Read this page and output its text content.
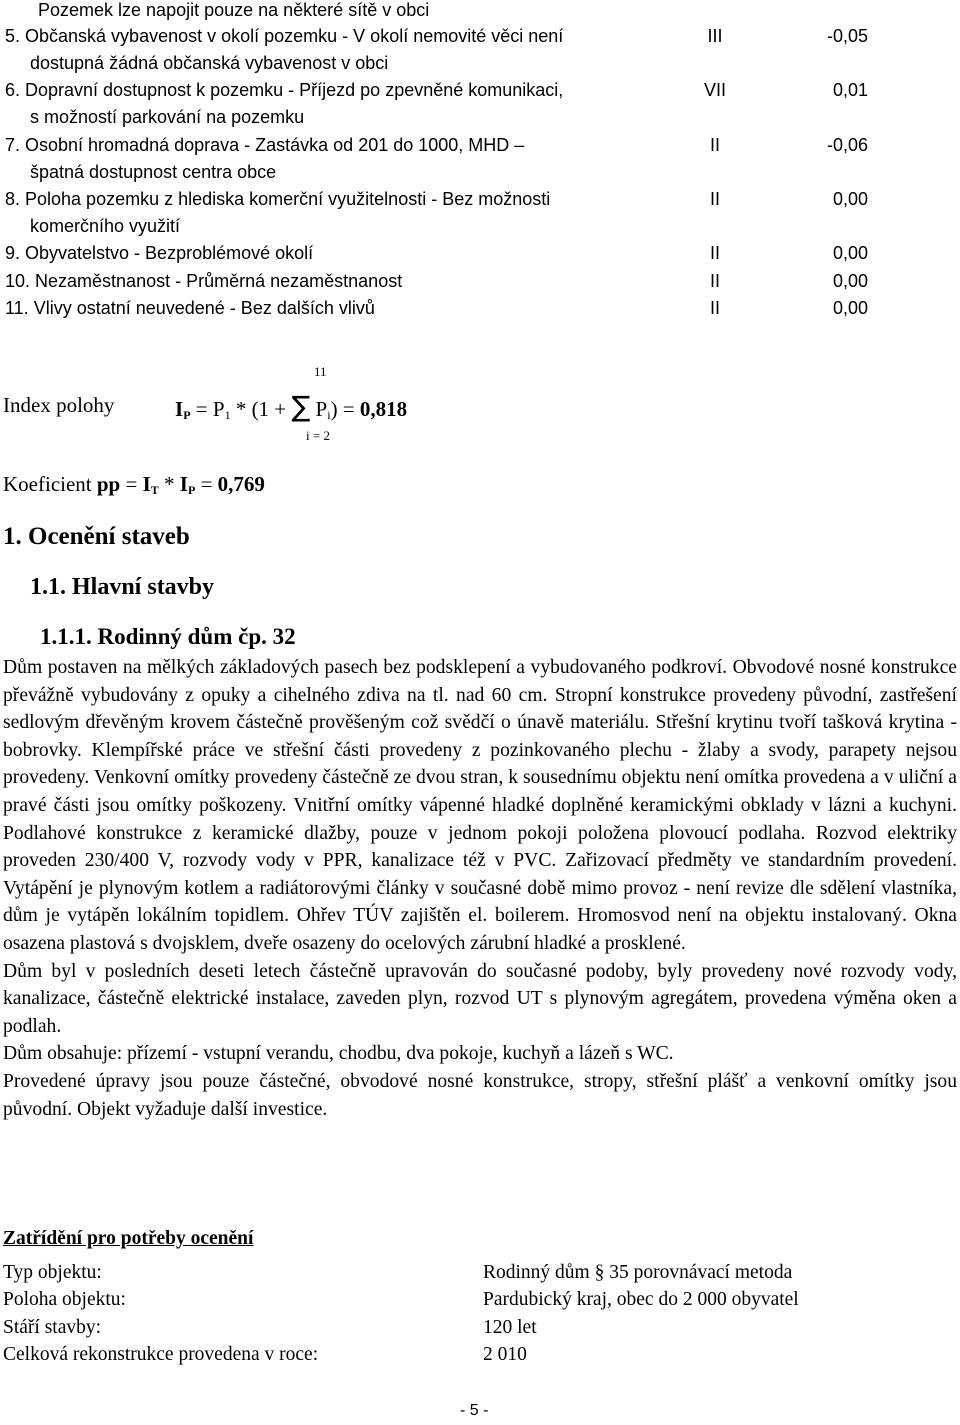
Pozemek lze napojit pouze na některé sítě v obci
5. Občanská vybavenost v okolí pozemku - V okolí nemovité věci není	III	-0,05
dostupná žádná občanská vybavenost v obci
6. Dopravní dostupnost k pozemku - Příjezd po zpevněné komunikaci,	VII	0,01
s možností parkování na pozemku
7. Osobní hromadná doprava - Zastávka od 201 do 1000, MHD –	II	-0,06
špatná dostupnost centra obce
8. Poloha pozemku z hlediska komerční využitelnosti - Bez možnosti	II	0,00
komerčního využití
9. Obyvatelstvo - Bezproblémové okolí	II	0,00
10. Nezaměstnanost - Průměrná nezaměstnanost	II	0,00
11. Vlivy ostatní neuvedené - Bez dalších vlivů	II	0,00
Index polohy	$I_P = P_1 * (1$ + ∑ $P_i) = 0,818$
11
i = 2
Koeficient pp = $I_T * I_P = 0,769$
1. Ocenění staveb
1.1. Hlavní stavby
1.1.1. Rodinný dům čp. 32

Dům postaven na mělkých základových pasech bez podsklepení a vybudovaného podkroví. Obvodové nosné konstrukce převážně vybudovány z opuky a cihelného zdiva na tl. nad 60 cm. Stropní konstrukce provedeny původní, zastřešení sedlovým dřevěným krovem částečně prověšeným což svědčí o únavě materiálu. Střešní krytinu tvoří tašková krytina - bobrovky. Klempířské práce ve střešní části provedeny z pozinkovaného plechu - žlaby a svody, parapety nejsou provedeny. Venkovní omítky provedeny částečně ze dvou stran, k sousednímu objektu není omítka provedena a v uliční a pravé části jsou omítky poškozeny. Vnitřní omítky vápenné hladké doplněné keramickými obklady v lázni a kuchyni. Podlahové konstrukce z keramické dlažby, pouze v jednom pokoji položena plovoucí podlaha. Rozvod elektriky proveden 230/400 V, rozvody vody v PPR, kanalizace též v PVC. Zařizovací předměty ve standardním provedení. Vytápění je plynovým kotlem a radiátorovými články v současné době mimo provoz - není revize dle sdělení vlastníka, dům je vytápěn lokálním topidlem. Ohřev TÚV zajištěn el. boilerem. Hromosvod není na objektu instalovaný. Okna osazena plastová s dvojsklem, dveře osazeny do ocelových zárubní hladké a prosklené.

Dům byl v posledních deseti letech částečně upravován do současné podoby, byly provedeny nové rozvody vody, kanalizace, částečně elektrické instalace, zaveden plyn, rozvod UT s plynovým agregátem, provedena výměna oken a podlah.

Dům obsahuje: přízemí - vstupní verandu, chodbu, dva pokoje, kuchyň a lázeň s WC.

Provedené úpravy jsou pouze částečné, obvodové nosné konstrukce, stropy, střešní plášť a venkovní omítky jsou původní. Objekt vyžaduje další investice.

Zatřídění pro potřeby ocenění
Typ objektu:	Rodinný dům § 35 porovnávací metoda
Poloha objektu:	Pardubický kraj, obec do 2 000 obyvatel
Stáří stavby:	120 let
Celková rekonstrukce provedena v roce:	2 010
- 5 -
